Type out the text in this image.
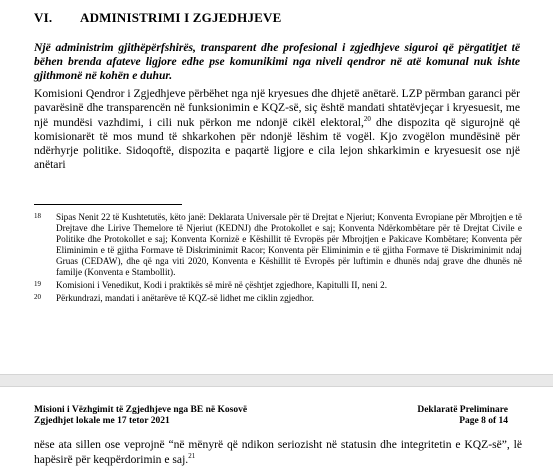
VI. ADMINISTRIMI I ZGJEDHJEVE
Një administrim gjithëpërfshirës, transparent dhe profesional i zgjedhjeve siguroi që përgatitjet të bëhen brenda afateve ligjore edhe pse komunikimi nga niveli qendror në atë komunal nuk ishte gjithmonë në kohën e duhur.
Komisioni Qendror i Zgjedhjeve përbëhet nga një kryesues dhe dhjetë anëtarë. LZP përmban garanci për pavarësinë dhe transparencën në funksionimin e KQZ-së, siç është mandati shtatëvjeçar i kryesuesit, me një mundësi vazhdimi, i cili nuk përkon me ndonjë cikël elektoral,$^{20}$ dhe dispozita që sigurojnë që komisionarët të mos mund të shkarkohen për ndonjë lëshim të vogël. Kjo zvogëlon mundësinë për ndërhyrje politike. Sidoqoftë, dispozita e paqartë ligjore e cila lejon shkarkimin e kryesuesit ose një anëtari
18	Sipas Nenit 22 të Kushtetutës, këto janë: Deklarata Universale për të Drejtat e Njeriut; Konventa Evropiane për Mbrojtjen e të Drejtave dhe Lirive Themelore të Njeriut (KEDNJ) dhe Protokollet e saj; Konventa Ndërkombëtare për të Drejtat Civile e Politike dhe Protokollet e saj; Konventa Kornizë e Këshillit të Evropës për Mbrojtjen e Pakicave Kombëtare; Konventa për Eliminimin e të gjitha Formave të Diskriminimit Racor; Konventa për Eliminimin e të gjitha Formave të Diskriminimit ndaj Gruas (CEDAW), dhe që nga viti 2020, Konventa e Këshillit të Evropës për luftimin e dhunës ndaj grave dhe dhunës në familje (Konventa e Stambollit).
19	Komisioni i Venedikut, Kodi i praktikës së mirë në çështjet zgjedhore, Kapitulli II, neni 2.
20	Përkundrazi, mandati i anëtarëve të KQZ-së lidhet me ciklin zgjedhor.
Misioni i Vëzhgimit të Zgjedhjeve nga BE në Kosovë
Zgjedhjet lokale me 17 tetor 2021
Deklaratë Preliminare
Page 8 of 14
nëse ata sillen ose veprojnë “në mënyrë që ndikon seriozisht në statusin dhe integritetin e KQZ-së”, lë hapësirë për keqpërdorimin e saj.$^{21}$
